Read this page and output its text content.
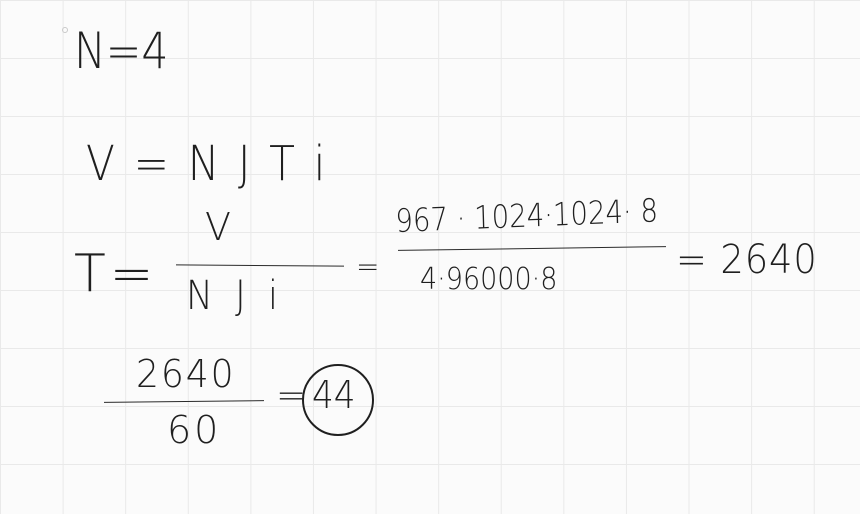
N=4
V = N J T i
T=
V
N J i
=
967 · 1024·1024· 8
4·96000·8	= 2640
2640
60
= 44
